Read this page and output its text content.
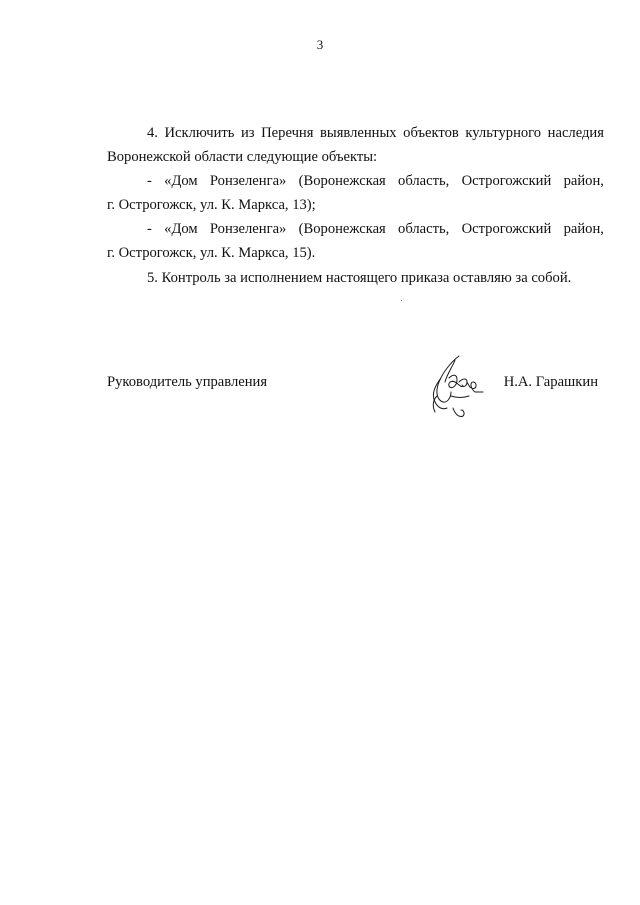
3
4. Исключить из Перечня выявленных объектов культурного наследия
Воронежской области следующие объекты:
- «Дом Ронзеленга» (Воронежская область, Острогожский район,
г. Острогожск, ул. К. Маркса, 13);
- «Дом Ронзеленга» (Воронежская область, Острогожский район,
г. Острогожск, ул. К. Маркса, 15).
5. Контроль за исполнением настоящего приказа оставляю за собой.
Руководитель управления	Н.А. Гарашкин
